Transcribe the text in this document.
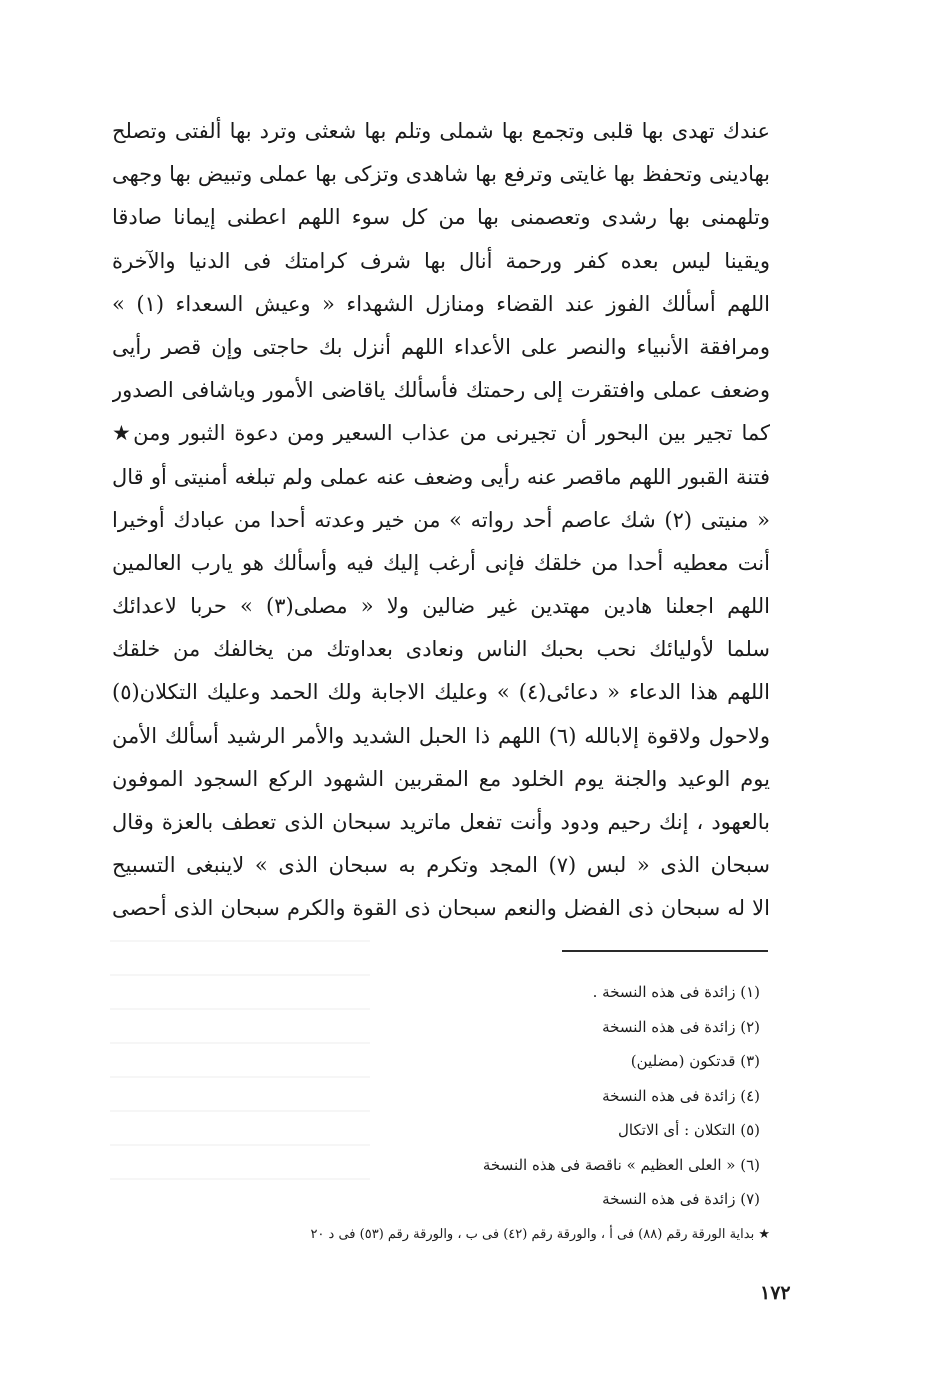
عندك تهدى بها قلبى وتجمع بها شملى وتلم بها شعثى وترد بها ألفتى وتصلح
بهادينى وتحفظ بها غايتى وترفع بها شاهدى وتزكى بها عملى وتبيض بها وجهى
وتلهمنى بها رشدى وتعصمنى بها من كل سوء اللهم اعطنى إيمانا صادقا
ويقينا ليس بعده كفر ورحمة أنال بها شرف كرامتك فى الدنيا والآخرة
اللهم أسألك الفوز عند القضاء ومنازل الشهداء « وعيش السعداء (١) »
ومرافقة الأنبياء والنصر على الأعداء اللهم أنزل بك حاجتى وإن قصر رأيى
وضعف عملى وافتقرت إلى رحمتك فأسألك ياقاضى الأمور وياشافى الصدور
كما تجير بين البحور أن تجيرنى من عذاب السعير ومن دعوة الثبور ومن★
فتنة القبور اللهم ماقصر عنه رأيى وضعف عنه عملى ولم تبلغه أمنيتى أو قال
« منيتى (٢) شك عاصم أحد رواته » من خير وعدته أحدا من عبادك أوخيرا
أنت معطيه أحدا من خلقك فإنى أرغب إليك فيه وأسألك هو يارب العالمين
اللهم اجعلنا هادين مهتدين غير ضالين ولا « مصلى(٣) » حربا لاعدائك
سلما لأوليائك نحب بحبك الناس ونعادى بعداوتك من يخالفك من خلقك
اللهم هذا الدعاء « دعائى(٤) » وعليك الاجابة ولك الحمد وعليك التكلان(٥)
ولاحول ولاقوة إلابالله (٦) اللهم ذا الحبل الشديد والأمر الرشيد أسألك الأمن
يوم الوعيد والجنة يوم الخلود مع المقربين الشهود الركع السجود الموفون
بالعهود ، إنك رحيم ودود وأنت تفعل ماتريد سبحان الذى تعطف بالعزة وقال
سبحان الذى « لبس (٧) المجد وتكرم به سبحان الذى » لاينبغى التسبيح
الا له سبحان ذى الفضل والنعم سبحان ذى القوة والكرم سبحان الذى أحصى
(١) زائدة فى هذه النسخة .
(٢) زائدة فى هذه النسخة
(٣) قدتكون (مضلين)
(٤) زائدة فى هذه النسخة
(٥) التكلان : أى الاتكال
(٦) « العلى العظيم » ناقصة فى هذه النسخة
(٧) زائدة فى هذه النسخة
★ بداية الورقة رقم (٨٨) فى أ ، والورقة رقم (٤٢) فى ب ، والورقة رقم (٥٣) فى د ٢٠
١٧٢
